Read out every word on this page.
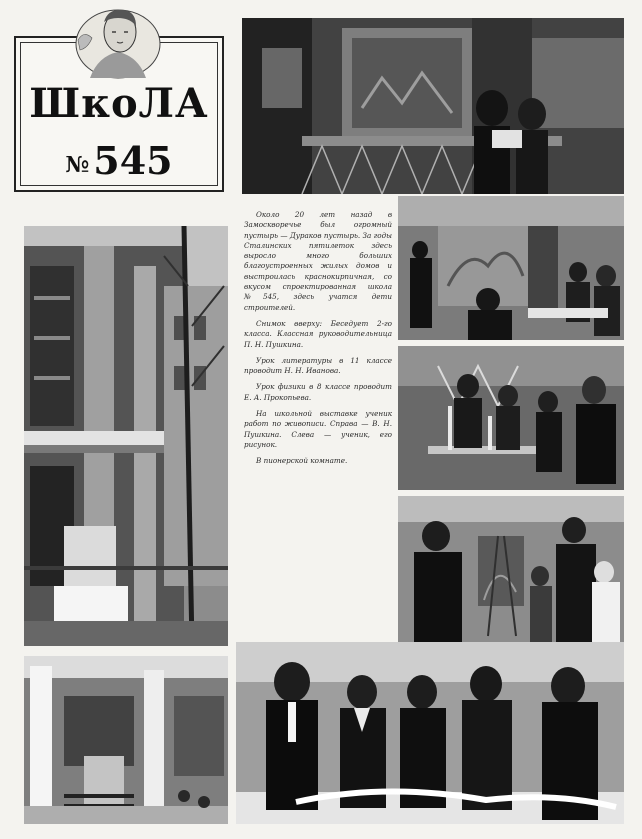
ШкоЛА
№ 545

Около 20 лет назад в Замоскворечье был огромный пустырь — Дураков пустырь. За годы Сталинских пятилеток здесь выросло много больших благоустроенных жилых домов и выстроилась краснокирпичная, со вкусом спроектированная школа №545, здесь учатся дети строителей.

Снимок вверху: Беседует 2-го класса. Классная руководительница П. Н. Пушкина.

Урок литературы в 11 классе проводит Н. Н. Иванова.

Урок физики в 8 классе проводит Е. А. Прокопьева.

На школьной выставке ученик работ по живописи. Справа — В. Н. Пушкина. Слева — ученик, его рисунок.

В пионерской комнате.
